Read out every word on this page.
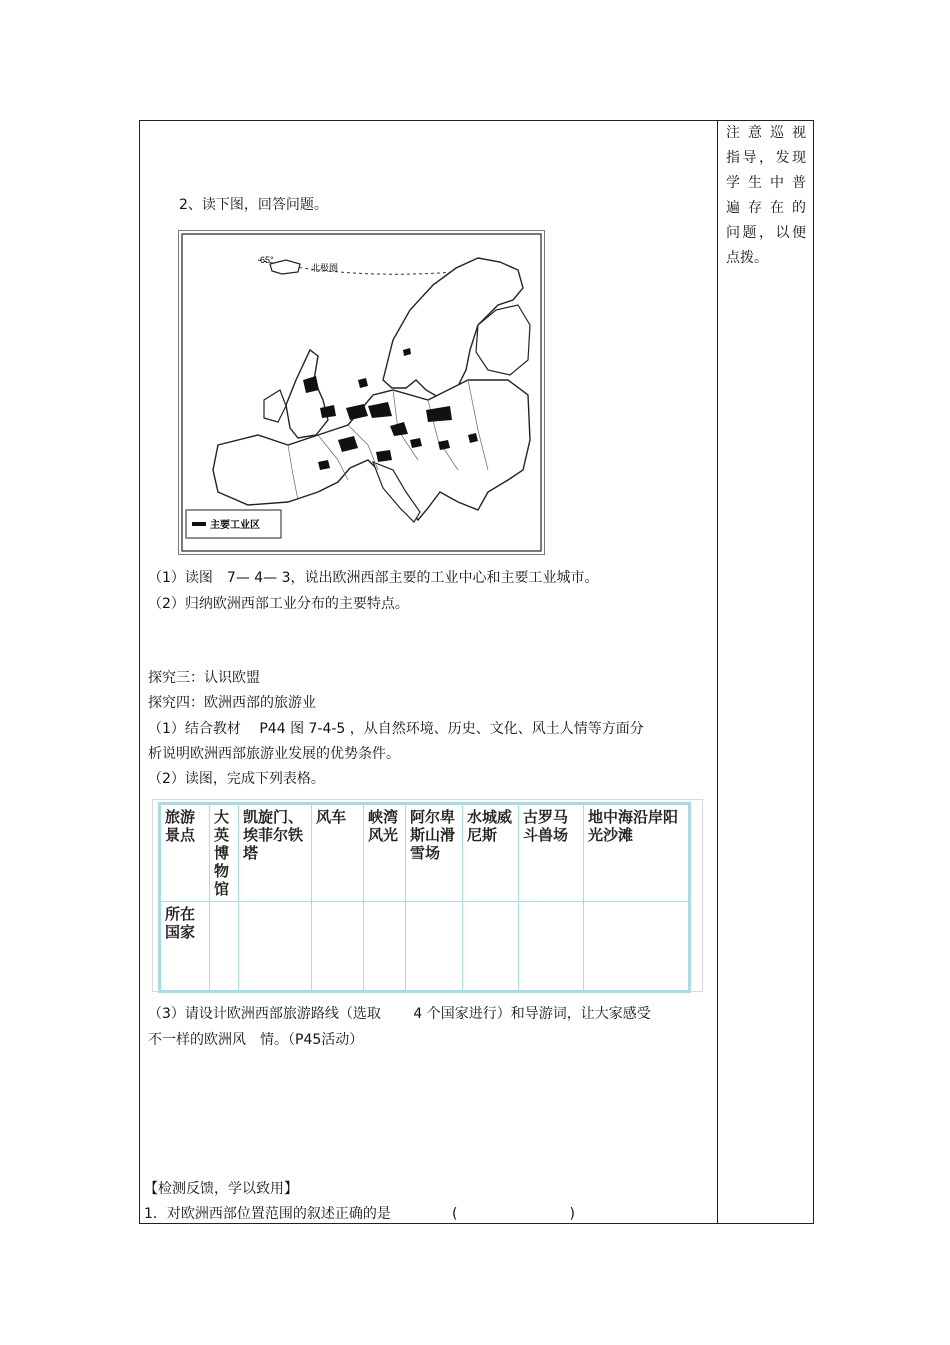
注意巡视
指导，发现
学生中普
遍存在的
问题，以便
点拨。
2、读下图，回答问题。
65°
北极圈
主要工业区
（1）读图　7— 4— 3，说出欧洲西部主要的工业中心和主要工业城市。
（2）归纳欧洲西部工业分布的主要特点。
探究三：认识欧盟
探究四：欧洲西部的旅游业
（1）结合教材　 P44 图 7-4-5 ，从自然环境、历史、文化、风土人情等方面分
析说明欧洲西部旅游业发展的优势条件。
（2）读图，完成下列表格。
旅游景点	大英博物馆	凯旋门、埃菲尔铁塔	风车	峡湾风光	阿尔卑斯山滑雪场	水城威尼斯	古罗马斗兽场	地中海沿岸阳光沙滩
所在国家								
（3）请设计欧洲西部旅游路线（选取　　 4 个国家进行）和导游词，让大家感受
不一样的欧洲风　情。（P45活动）
【检测反馈，学以致用】
1．对欧洲西部位置范围的叙述正确的是	(　　　　　　　　)
